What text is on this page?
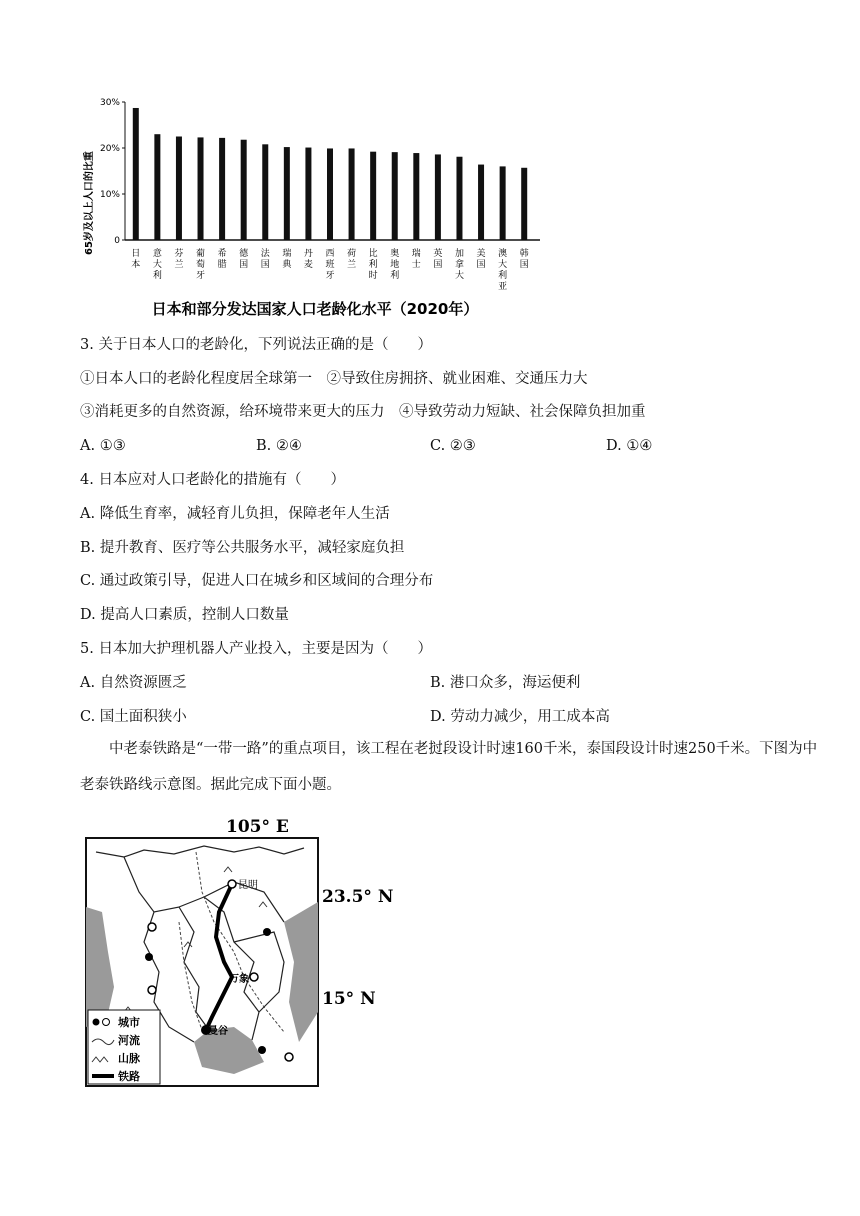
65岁及以上人口的比重 0
10%
20%
30%
日本
意大利
芬兰
葡萄牙
希腊
德国
法国
瑞典
丹麦
西班牙
荷兰
比利时
奥地利
瑞士
英国
加拿大
美国
澳大利亚
韩国
日本和部分发达国家人口老龄化水平（2020年）
3. 关于日本人口的老龄化，下列说法正确的是（　　）
①日本人口的老龄化程度居全球第一　②导致住房拥挤、就业困难、交通压力大
③消耗更多的自然资源，给环境带来更大的压力　④导致劳动力短缺、社会保障负担加重
A. ①③	B. ②④	C. ②③	D. ①④
4. 日本应对人口老龄化的措施有（　　）
A. 降低生育率，减轻育儿负担，保障老年人生活
B. 提升教育、医疗等公共服务水平，减轻家庭负担
C. 通过政策引导，促进人口在城乡和区域间的合理分布
D. 提高人口素质，控制人口数量
5. 日本加大护理机器人产业投入，主要是因为（　　）
A. 自然资源匮乏	B. 港口众多，海运便利
C. 国土面积狭小	D. 劳动力减少，用工成本高
中老泰铁路是“一带一路”的重点项目，该工程在老挝段设计时速160千米，泰国段设计时速250千米。下图为中老泰铁路线示意图。据此完成下面小题。
昆明
万象
曼谷
城市
河流
山脉
铁路
105° E
23.5° N
15° N
